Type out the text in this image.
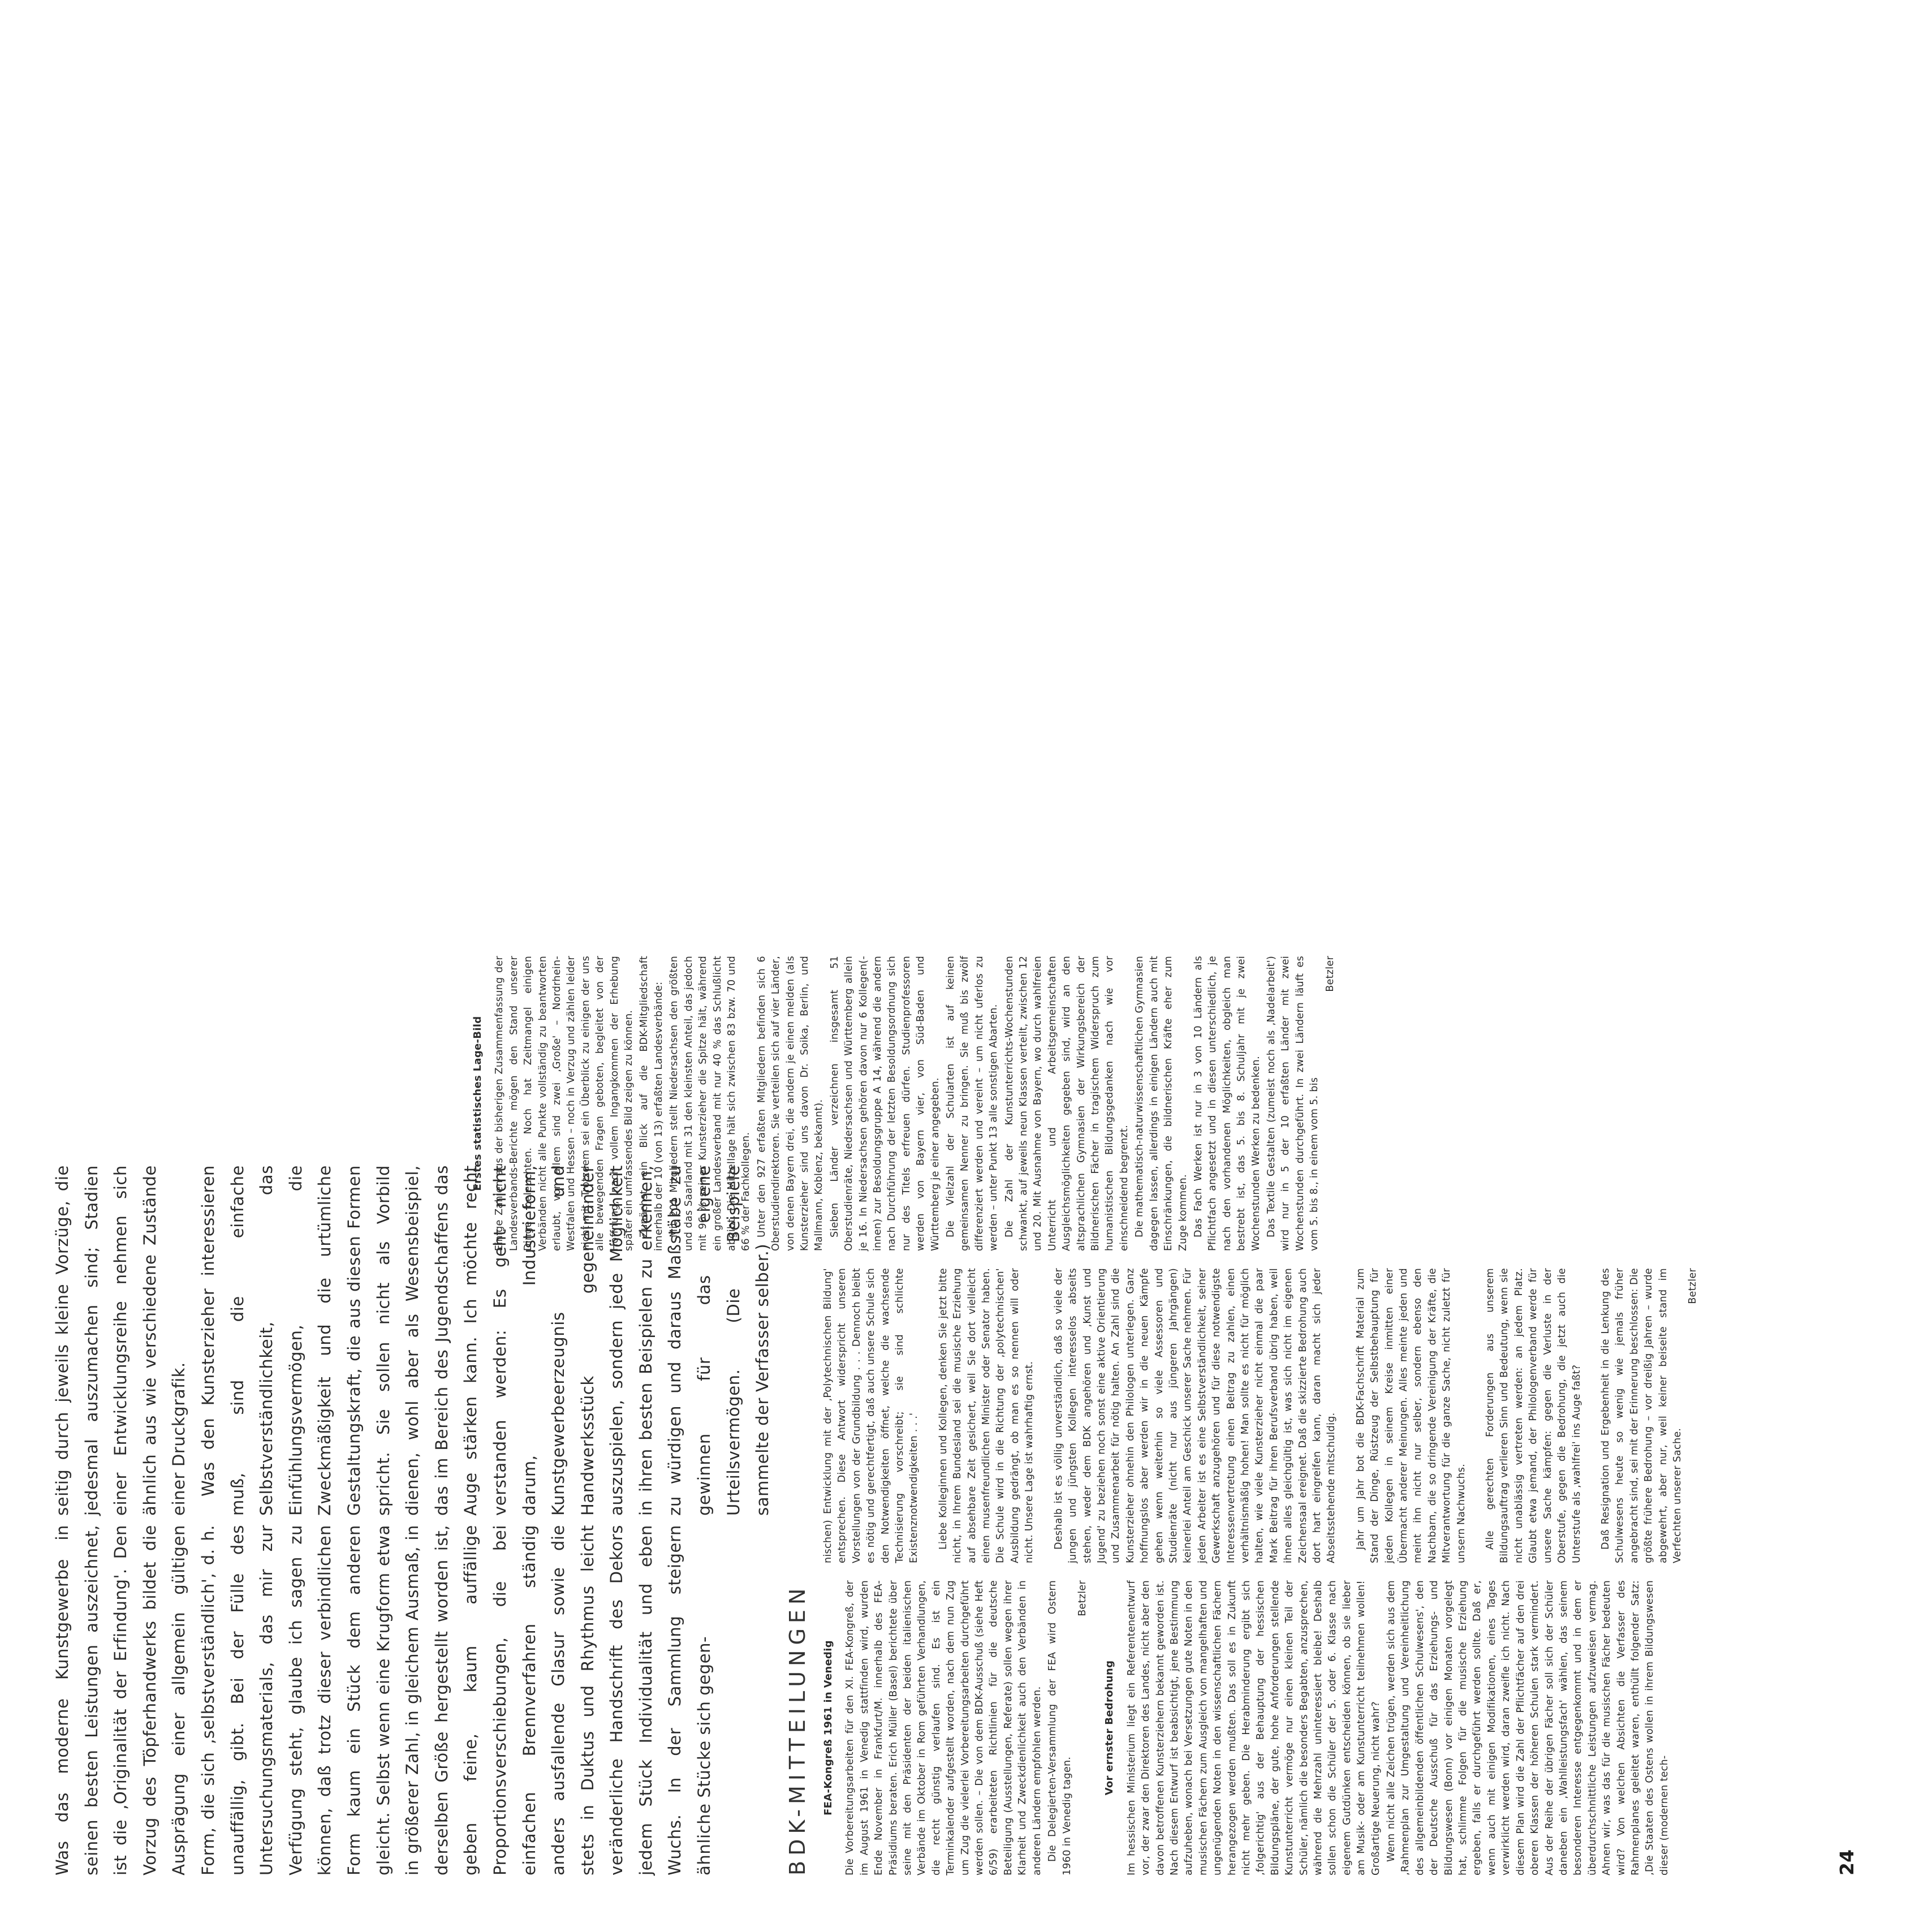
Was das moderne Kunstgewerbe in seinen besten Leistungen auszeichnet, ist die ‚Originalität der Erfindung'. Den Vorzug des Töpferhandwerks bildet die Ausprägung einer allgemein gültigen Form, die sich ‚selbstverständlich', d. h. unauffällig, gibt. Bei der Fülle des Untersuchungsmaterials, das mir zur Verfügung steht, glaube ich sagen zu können, daß trotz dieser verbindlichen Form kaum ein Stück dem anderen gleicht. Selbst wenn eine Krugform etwa in größerer Zahl, in gleichem Ausmaß, in derselben Größe hergestellt worden ist, geben feine, kaum auffällige Proportionsverschiebungen, die bei einfachen Brennverfahren ständig anders ausfallende Glasur sowie die stets in Duktus und Rhythmus leicht veränderliche Handschrift des Dekors jedem Stück Individualität und eben Wuchs. In der Sammlung steigern ähnliche Stücke sich gegen-

seitig durch jeweils kleine Vorzüge, die jedesmal auszumachen sind; Stadien einer Entwicklungsreihe nehmen sich ähnlich aus wie verschiedene Zustände einer Druckgrafik. Was den Kunsterzieher interessieren muß, sind die einfache Selbstverständlichkeit, das Einfühlungsvermögen, die Zweckmäßigkeit und die urtümliche Gestaltungskraft, die aus diesen Formen spricht. Sie sollen nicht als Vorbild dienen, wohl aber als Wesensbeispiel, das im Bereich des Jugendschaffens das Auge stärken kann. Ich möchte recht verstanden werden: Es geht nicht darum, Industrieform, Kunstgewerbeerzeugnis und Handwerksstück gegeneinander auszuspielen, sondern jede Möglichkeit in ihren besten Beispielen zu erkennen, zu würdigen und daraus Maßstäbe zu gewinnen für das eigene Urteilsvermögen. (Die Beispiele sammelte der Verfasser selber.)

BDK-MITTEILUNGEN FEA-Kongreß 1961 in Venedig Die Vorbereitungsarbeiten für den XI. FEA-Kongreß, der im August 1961 in Venedig stattfinden wird, wurden Ende November in Frankfurt/M. innerhalb des FEA-Präsidiums beraten. Erich Müller (Basel) berichtete über seine mit den Präsidenten der beiden italienischen Verbände im Oktober in Rom geführten Verhandlungen, die recht günstig verlaufen sind. Es ist ein Terminkalender aufgestellt worden, nach dem nun Zug um Zug die vielerlei Vorbereitungsarbeiten durchgeführt werden sollen. – Die von dem BDK-Ausschuß (siehe Heft 6/59) erarbeiteten Richtlinien für die deutsche Beteiligung (Ausstellungen, Referate) sollen wegen ihrer Klarheit und Zweckdienlichkeit auch den Verbänden in anderen Ländern empfohlen werden. Die Delegierten-Versammlung der FEA wird Ostern 1960 in Venedig tagen.

Betzler

Vor ernster Bedrohung Im hessischen Ministerium liegt ein Referentenentwurf vor, der zwar den Direktoren des Landes, nicht aber den davon betroffenen Kunsterziehern bekannt geworden ist. Nach diesem Entwurf ist beabsichtigt, jene Bestimmung aufzuheben, wonach bei Versetzungen gute Noten in den musischen Fächern zum Ausgleich von mangelhaften und ungenügenden Noten in den wissenschaftlichen Fächern herangezogen werden mußten. Das soll es in Zukunft nicht mehr geben. Die Herabminderung ergibt sich ‚folgerichtig' aus der Behauptung der hessischen Bildungspläne, der gute, hohe Anforderungen stellende Kunstunterricht vermöge nur einen kleinen Teil der Schüler, nämlich die besonders Begabten, anzusprechen, während die Mehrzahl uninteressiert bleibe! Deshalb sollen schon die Schüler der 5. oder 6. Klasse nach eigenem Gutdünken entscheiden können, ob sie lieber am Musik- oder am Kunstunterricht teilnehmen wollen! Großartige Neuerung, nicht wahr? Wenn nicht alle Zeichen trügen, werden sich aus dem ‚Rahmenplan zur Umgestaltung und Vereinheitlichung des allgemeinbildenden öffentlichen Schulwesens', den der Deutsche Ausschuß für das Erziehungs- und Bildungswesen (Bonn) vor einigen Monaten vorgelegt hat, schlimme Folgen für die musische Erziehung ergeben, falls er durchgeführt werden sollte. Daß er, wenn auch mit einigen Modifikationen, eines Tages verwirklicht werden wird, daran zweifle ich nicht. Nach diesem Plan wird die Zahl der Pflichtfächer auf den drei oberen Klassen der höheren Schulen stark vermindert. Aus der Reihe der übrigen Fächer soll sich der Schüler daneben ein ‚Wahlleistungsfach' wählen, das seinem besonderen Interesse entgegenkommt und in dem er überdurchschnittliche Leistungen aufzuweisen vermag. Ahnen wir, was das für die musischen Fächer bedeuten wird? Von welchen Absichten die Verfasser des Rahmenplanes geleitet waren, enthüllt folgender Satz: ‚Die Staaten des Ostens wollen in ihrem Bildungswesen dieser (modernen tech-

nischen) Entwicklung mit der ‚Polytechnischen Bildung' entsprechen. Diese Antwort widerspricht unseren Vorstellungen von der Grundbildung . . . Dennoch bleibt es nötig und gerechtfertigt, daß auch unsere Schule sich den Notwendigkeiten öffnet, welche die wachsende Technisierung vorschreibt; sie sind schlichte Existenznotwendigkeiten . . .' Liebe Kolleginnen und Kollegen, denken Sie jetzt bitte nicht, in Ihrem Bundesland sei die musische Erziehung auf absehbare Zeit gesichert, weil Sie dort vielleicht einen musenfreundlichen Minister oder Senator haben. Die Schule wird in die Richtung der ‚polytechnischen' Ausbildung gedrängt, ob man es so nennen will oder nicht. Unsere Lage ist wahrhaftig ernst. Deshalb ist es völlig unverständlich, daß so viele der jungen und jüngsten Kollegen interesselos abseits stehen, weder dem BDK angehören und ‚Kunst und Jugend' zu beziehen noch sonst eine aktive Orientierung und Zusammenarbeit für nötig halten. An Zahl sind die Kunsterzieher ohnehin den Philologen unterlegen. Ganz hoffnungslos aber werden wir in die neuen Kämpfe gehen wenn weiterhin so viele Assessoren und Studienräte (nicht nur aus jüngeren Jahrgängen) keinerlei Anteil am Geschick unserer Sache nehmen. Für jeden Arbeiter ist es eine Selbstverständlichkeit, seiner Gewerkschaft anzugehören und für diese notwendigste Interessenvertretung einen Beitrag zu zahlen, einen verhältnismäßig hohen! Man sollte es nicht für möglich halten, wie viele Kunsterzieher nicht einmal die paar Mark Beitrag für ihren Berufsverband übrig haben, weil ihnen alles gleichgültig ist, was sich nicht im eigenen Zeichensaal ereignet. Daß die skizzierte Bedrohung auch dort hart eingreifen kann, daran macht sich jeder Abseitsstehende mitschuldig. Jahr um Jahr bot die BDK-Fachschrift Material zum Stand der Dinge, Rüstzeug der Selbstbehauptung für jeden Kollegen in seinem Kreise inmitten einer Übermacht anderer Meinungen. Alles meinte jeden und meint ihn nicht nur selber, sondern ebenso den Nachbarn, die so dringende Vereinigung der Kräfte, die Mitverantwortung für die ganze Sache, nicht zuletzt für unsern Nachwuchs. Alle gerechten Forderungen aus unserem Bildungsauftrag verlieren Sinn und Bedeutung, wenn sie nicht unablässig vertreten werden: an jedem Platz. Glaubt etwa jemand, der Philologenverband werde für unsere Sache kämpfen: gegen die Verluste in der Oberstufe, gegen die Bedrohung, die jetzt auch die Unterstufe als ‚wahlfrei' ins Auge faßt? Daß Resignation und Ergebenheit in die Lenkung des Schulwesens heute so wenig wie jemals früher angebracht sind, sei mit der Erinnerung beschlossen: Die größte frühere Bedrohung – vor dreißig Jahren – wurde abgewehrt, aber nur, weil keiner beiseite stand im Verfechten unserer Sache.

Betzler

Erstes statistisches Lage-Bild Einige Zahlen aus der bisherigen Zusammenfassung der Landesverbands-Berichte mögen den Stand unserer Dinge beleuchten. Noch hat Zeitmangel einigen Verbänden nicht alle Punkte vollständig zu beantworten erlaubt, vor allem sind zwei ‚Große' – Nordrhein-Westfalen und Hessen – noch in Verzug und zählen leider nicht mit. Trotzdem sei ein Überblick zu einigen der uns alle bewegenden Fragen geboten, begleitet von der Hoffnung, nach vollem Ingangkommen der Erhebung später ein umfassendes Bild zeigen zu können. Zunächst ein Blick auf die BDK-Mitgliedschaft innerhalb der 10 (von 13) erfaßten Landesverbände: Mit 201 Mitgliedern stellt Niedersachsen den größten und das Saarland mit 31 den kleinsten Anteil, das jedoch mit 96 % seiner Kunsterzieher die Spitze hält, während ein großer Landesverband mit nur 40 % das Schlußlicht abgibt. Die Mittellage hält sich zwischen 83 bzw. 70 und 66 % der Fachkollegen. Unter den 927 erfaßten Mitgliedern befinden sich 6 Oberstudiendirektoren. Sie verteilen sich auf vier Länder, von denen Bayern drei, die andern je einen melden (als Kunsterzieher sind uns davon Dr. Soika, Berlin, und Mallmann, Koblenz, bekannt). Sieben Länder verzeichnen insgesamt 51 Oberstudienräte, Niedersachsen und Württemberg allein je 16. In Niedersachsen gehören davon nur 6 Kollegen(-innen) zur Besoldungsgruppe A 14, während die andern nach Durchführung der letzten Besoldungsordnung sich nur des Titels erfreuen dürfen. Studienprofessoren werden von Bayern vier, von Süd-Baden und Württemberg je einer angegeben. Die Vielzahl der Schularten ist auf keinen gemeinsamen Nenner zu bringen. Sie muß bis zwölf differenziert werden und vereint – um nicht uferlos zu werden – unter Punkt 13 alle sonstigen Abarten. Die Zahl der Kunstunterrichts-Wochenstunden schwankt, auf jeweils neun Klassen verteilt, zwischen 12 und 20. Mit Ausnahme von Bayern, wo durch wahlfreien Unterricht und Arbeitsgemeinschaften Ausgleichsmöglichkeiten gegeben sind, wird an den altsprachlichen Gymnasien der Wirkungsbereich der Bildnerischen Fächer in tragischem Widerspruch zum humanistischen Bildungsgedanken nach wie vor einschneidend begrenzt. Die mathematisch-naturwissenschaftlichen Gymnasien dagegen lassen, allerdings in einigen Ländern auch mit Einschränkungen, die bildnerischen Kräfte eher zum Zuge kommen. Das Fach Werken ist nur in 3 von 10 Ländern als Pflichtfach angesetzt und in diesen unterschiedlich, je nach den vorhandenen Möglichkeiten, obgleich man bestrebt ist, das 5. bis 8. Schuljahr mit je zwei Wochenstunden Werken zu bedenken. Das Textile Gestalten (zumeist noch als ‚Nadelarbeit') wird nur in 5 der 10 erfaßten Länder mit zwei Wochenstunden durchgeführt. In zwei Ländern läuft es vom 5. bis 8., in einem vom 5. bis

Betzler

24
